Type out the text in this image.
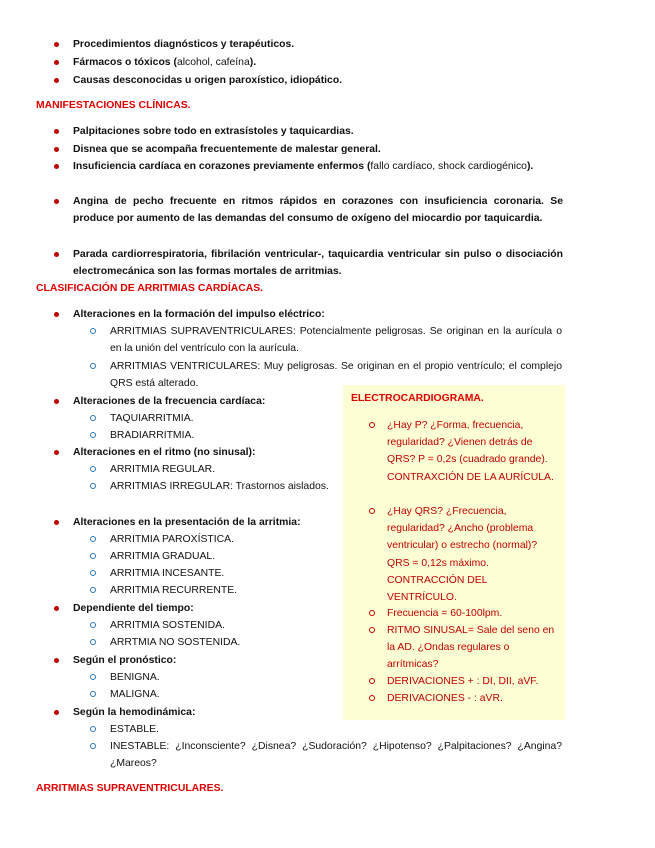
Procedimientos diagnósticos y terapéuticos.
Fármacos o tóxicos (alcohol, cafeína).
Causas desconocidas u origen paroxístico, idiopático.
MANIFESTACIONES CLÍNICAS.
Palpitaciones sobre todo en extrasístoles y taquicardias.
Disnea que se acompaña frecuentemente de malestar general.
Insuficiencia cardíaca en corazones previamente enfermos (fallo cardíaco, shock cardiogénico).
Angina de pecho frecuente en ritmos rápidos en corazones con insuficiencia coronaria. Se produce por aumento de las demandas del consumo de oxígeno del miocardio por taquicardia.
Parada cardiorrespiratoria, fibrilación ventricular-, taquicardia ventricular sin pulso o disociación electromecánica son las formas mortales de arritmias.
CLASIFICACIÓN DE ARRITMIAS CARDÍACAS.
Alteraciones en la formación del impulso eléctrico:
ARRITMIAS SUPRAVENTRICULARES: Potencialmente peligrosas. Se originan en la aurícula o en la unión del ventrículo con la aurícula.
ARRITMIAS VENTRICULARES: Muy peligrosas. Se originan en el propio ventrículo; el complejo QRS está alterado.
Alteraciones de la frecuencia cardíaca:
TAQUIARRITMIA.
BRADIARRITMIA.
Alteraciones en el ritmo (no sinusal):
ARRITMIA REGULAR.
ARRITMIAS IRREGULAR: Trastornos aislados.
Alteraciones en la presentación de la arritmia:
ARRITMIA PAROXÍSTICA.
ARRITMIA GRADUAL.
ARRITMIA INCESANTE.
ARRITMIA RECURRENTE.
Dependiente del tiempo:
ARRITMIA SOSTENIDA.
ARRTMIA NO SOSTENIDA.
Según el pronóstico:
BENIGNA.
MALIGNA.
Según la hemodinámica:
ESTABLE.
INESTABLE: ¿Inconsciente? ¿Disnea? ¿Sudoración? ¿Hipotenso? ¿Palpitaciones? ¿Angina? ¿Mareos?
ARRITMIAS SUPRAVENTRICULARES.
ELECTROCARDIOGRAMA.
¿Hay P? ¿Forma, frecuencia, regularidad? ¿Vienen detrás de QRS? P = 0,2s (cuadrado grande). CONTRAXCIÓN DE LA AURÍCULA.
¿Hay QRS? ¿Frecuencia, regularidad? ¿Ancho (problema ventricular) o estrecho (normal)? QRS = 0,12s máximo. CONTRACCIÓN DEL VENTRÍCULO.
Frecuencia = 60-100lpm.
RITMO SINUSAL= Sale del seno en la AD. ¿Ondas regulares o arrítmicas?
DERIVACIONES + : DI, DII, aVF.
DERIVACIONES - : aVR.
